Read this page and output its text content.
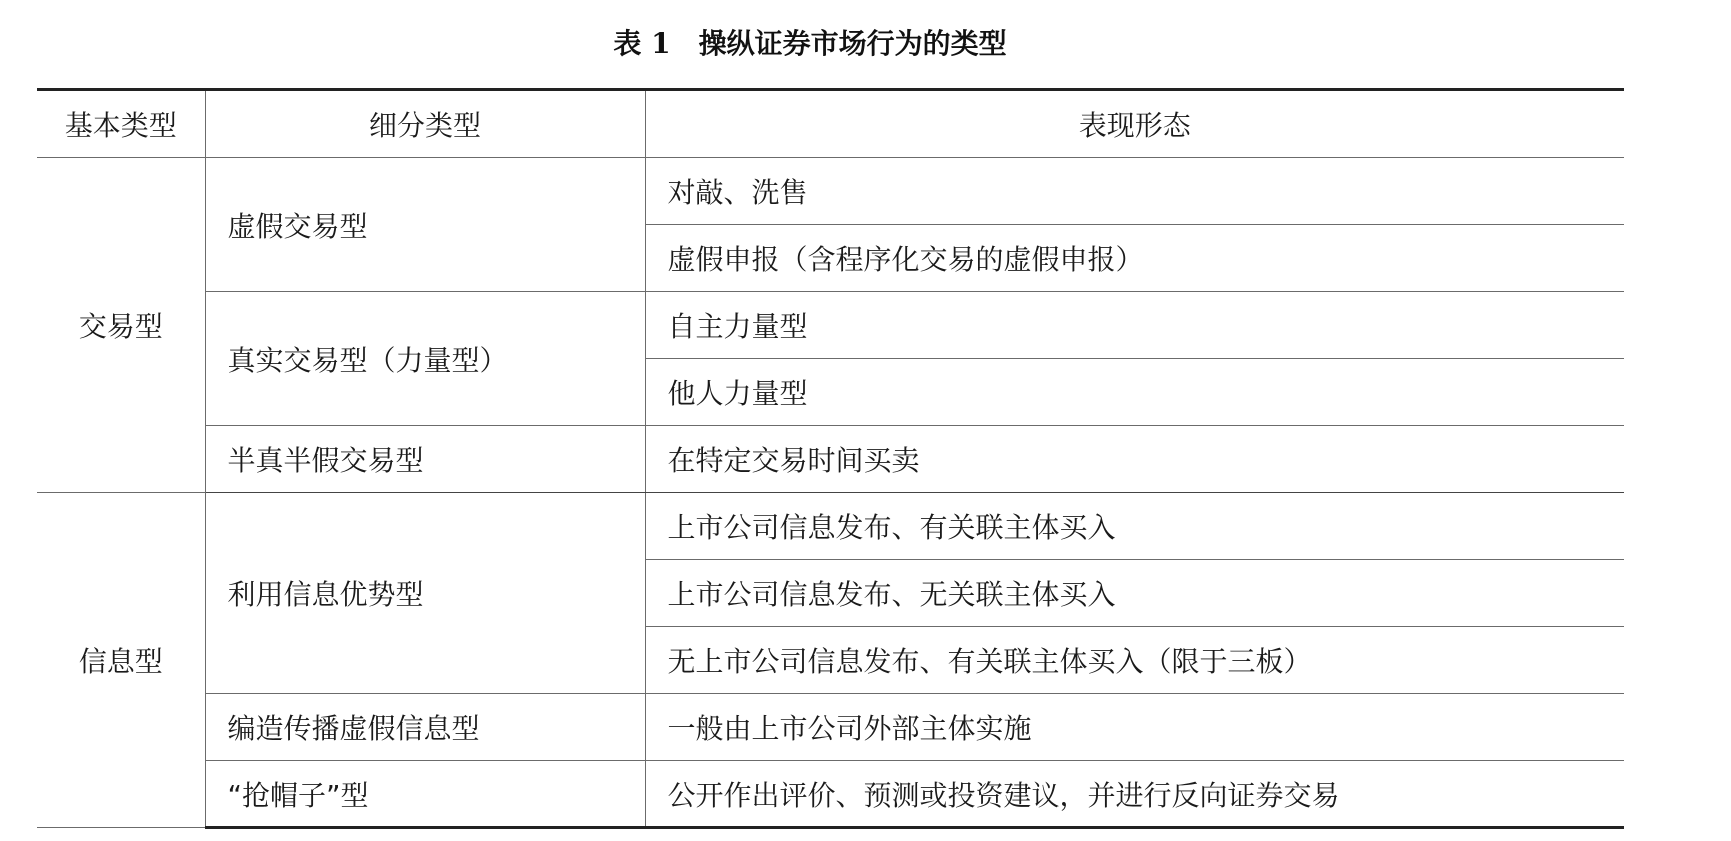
表 1 操纵证券市场行为的类型
基本类型	细分类型	表现形态
交易型	虚假交易型	对敲、洗售
		虚假申报（含程序化交易的虚假申报）
	真实交易型（力量型）	自主力量型
		他人力量型
	半真半假交易型	在特定交易时间买卖
信息型	利用信息优势型	上市公司信息发布、有关联主体买入
		上市公司信息发布、无关联主体买入
		无上市公司信息发布、有关联主体买入（限于三板）
	编造传播虚假信息型	一般由上市公司外部主体实施
	“抢帽子”型	公开作出评价、预测或投资建议，并进行反向证券交易
